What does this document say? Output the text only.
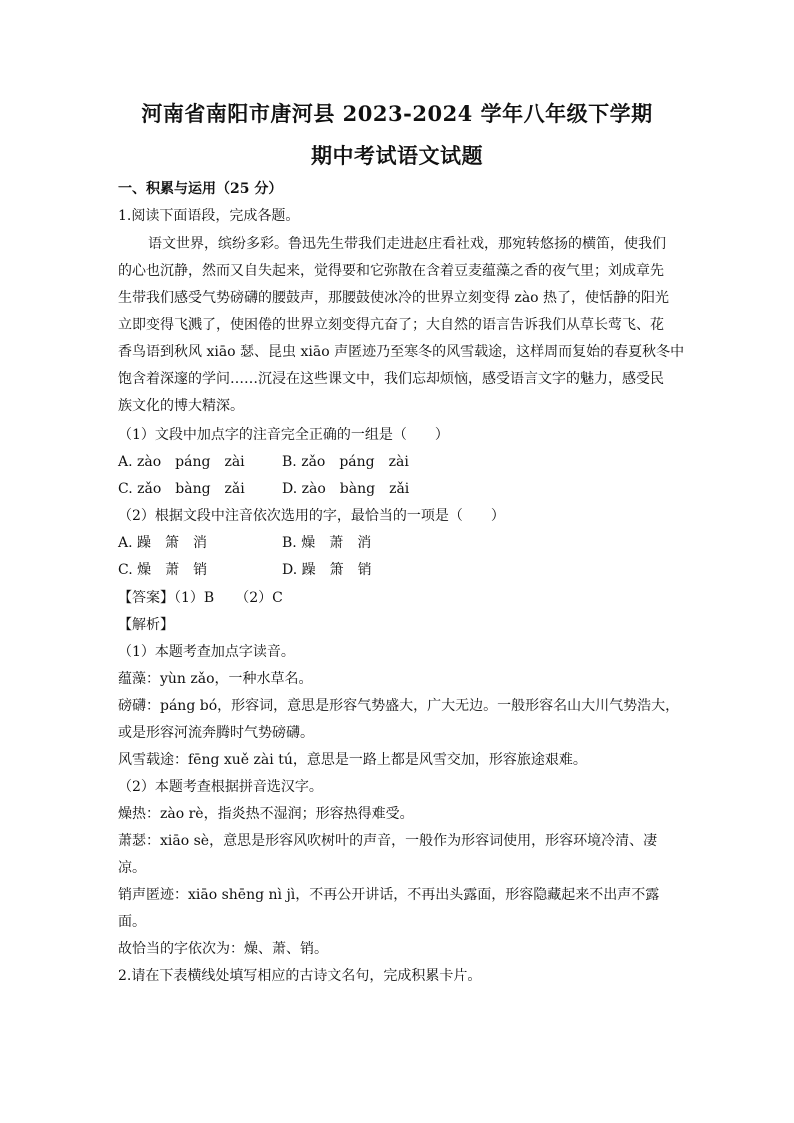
河南省南阳市唐河县 2023-2024 学年八年级下学期
期中考试语文试题
一、积累与运用（25 分）
1.阅读下面语段，完成各题。
语文世界，缤纷多彩。鲁迅先生带我们走进赵庄看社戏，那宛转悠扬的横笛，使我们
的心也沉静，然而又自失起来，觉得要和它弥散在含着豆麦蕴藻之香的夜气里；刘成章先
生带我们感受气势磅礴的腰鼓声，那腰鼓使冰冷的世界立刻变得 zào 热了，使恬静的阳光
立即变得飞溅了，使困倦的世界立刻变得亢奋了；大自然的语言告诉我们从草长莺飞、花
香鸟语到秋风 xiāo 瑟、昆虫 xiāo 声匿迹乃至寒冬的风雪载途，这样周而复始的春夏秋冬中
饱含着深邃的学问……沉浸在这些课文中，我们忘却烦恼，感受语言文字的魅力，感受民
族文化的博大精深。
（1）文段中加点字的注音完全正确的一组是（　　）
A. zào　páng　zài	B. zǎo　páng　zài
C. zǎo　bàng　zǎi	D. zào　bàng　zǎi
（2）根据文段中注音依次选用的字，最恰当的一项是（　　）
A. 躁　箫　消	B. 燥　萧　消
C. 燥　萧　销	D. 躁　箫　销
【答案】（1）B　　（2）C
【解析】
（1）本题考查加点字读音。
蕴藻：yùn zǎo，一种水草名。
磅礴：páng bó，形容词，意思是形容气势盛大，广大无边。一般形容名山大川气势浩大，
或是形容河流奔腾时气势磅礴。
风雪载途：fēng xuě zài tú，意思是一路上都是风雪交加，形容旅途艰难。
（2）本题考查根据拼音选汉字。
燥热：zào rè，指炎热不湿润；形容热得难受。
萧瑟：xiāo sè，意思是形容风吹树叶的声音，一般作为形容词使用，形容环境冷清、凄
凉。
销声匿迹：xiāo shēng nì jì，不再公开讲话，不再出头露面，形容隐藏起来不出声不露
面。
故恰当的字依次为：燥、萧、销。
2.请在下表横线处填写相应的古诗文名句，完成积累卡片。
